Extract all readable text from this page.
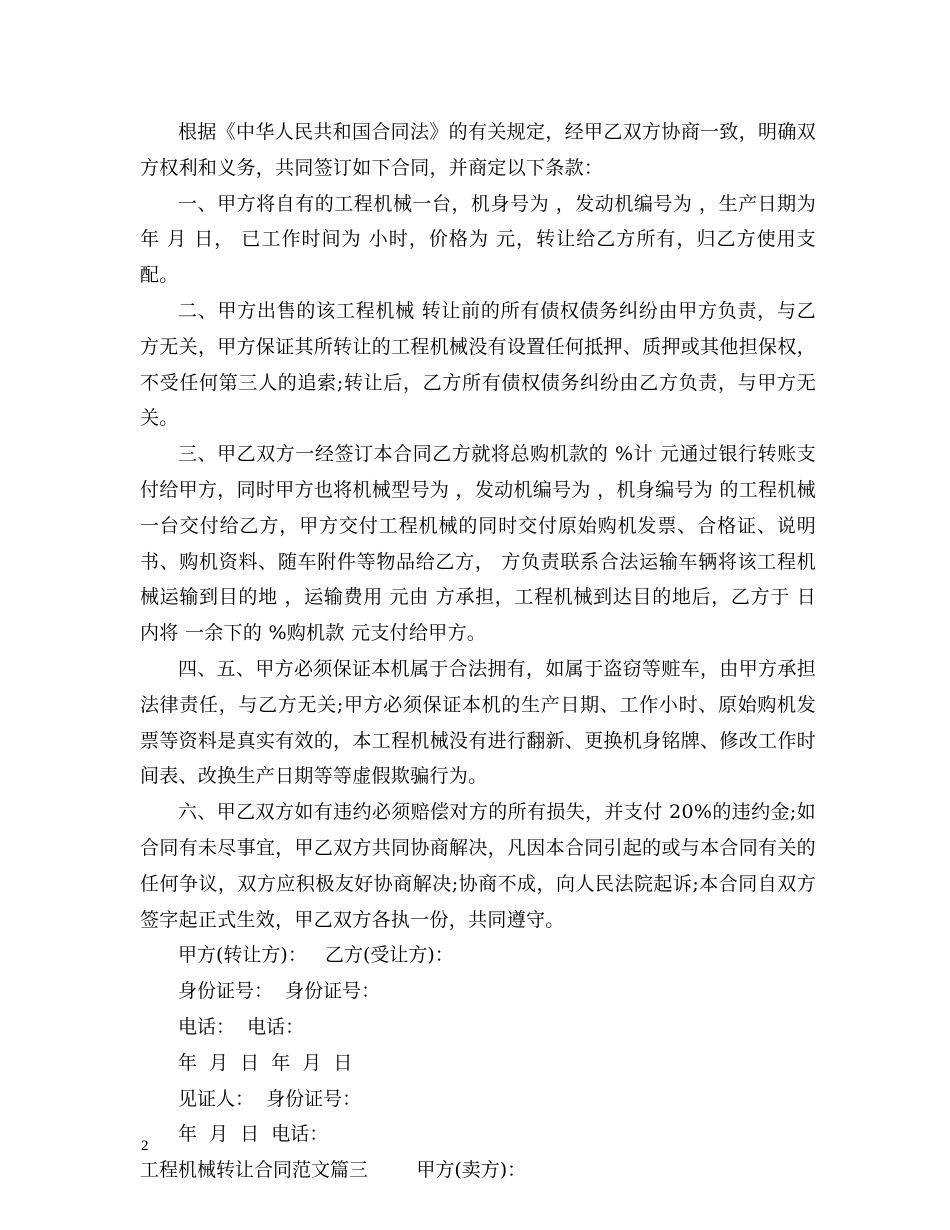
根据《中华人民共和国合同法》的有关规定，经甲乙双方协商一致，明确双方权利和义务，共同签订如下合同，并商定以下条款：

一、甲方将自有的工程机械一台，机身号为 ，发动机编号为 ，生产日期为 年 月 日， 已工作时间为 小时，价格为 元，转让给乙方所有，归乙方使用支配。

二、甲方出售的该工程机械 转让前的所有债权债务纠纷由甲方负责，与乙方无关，甲方保证其所转让的工程机械没有设置任何抵押、质押或其他担保权，不受任何第三人的追索;转让后，乙方所有债权债务纠纷由乙方负责，与甲方无关。

三、甲乙双方一经签订本合同乙方就将总购机款的 %计 元通过银行转账支付给甲方，同时甲方也将机械型号为 ，发动机编号为 ，机身编号为 的工程机械一台交付给乙方，甲方交付工程机械的同时交付原始购机发票、合格证、说明书、购机资料、随车附件等物品给乙方， 方负责联系合法运输车辆将该工程机械运输到目的地 ，运输费用 元由 方承担，工程机械到达目的地后，乙方于 日内将 一余下的 %购机款 元支付给甲方。

四、五、甲方必须保证本机属于合法拥有，如属于盗窃等赃车，由甲方承担法律责任，与乙方无关;甲方必须保证本机的生产日期、工作小时、原始购机发票等资料是真实有效的，本工程机械没有进行翻新、更换机身铭牌、修改工作时间表、改换生产日期等等虚假欺骗行为。

六、甲乙双方如有违约必须赔偿对方的所有损失，并支付 20%的违约金;如合同有未尽事宜，甲乙双方共同协商解决，凡因本合同引起的或与本合同有关的任何争议，双方应积极友好协商解决;协商不成，向人民法院起诉;本合同自双方签字起正式生效，甲乙双方各执一份，共同遵守。

甲方(转让方)：   乙方(受让方)：

身份证号：  身份证号：

电话：  电话：

年  月  日  年  月  日

见证人：  身份证号：

年  月  日  电话：

工程机械转让合同范文篇三        甲方(卖方)：

2
